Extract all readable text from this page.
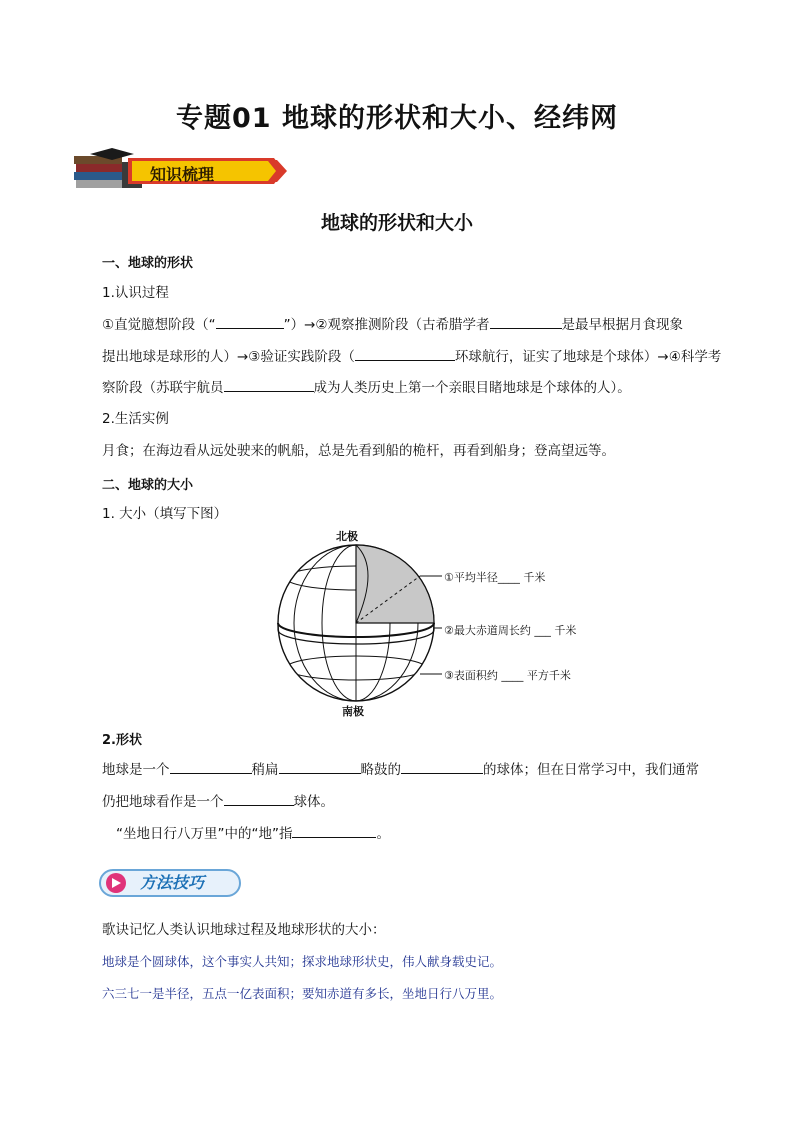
专题01 地球的形状和大小、经纬网
知识梳理
地球的形状和大小
一、地球的形状
1.认识过程
①直觉臆想阶段（“	”）→②观察推测阶段（古希腊学者	是最早根据月食现象
提出地球是球形的人）→③验证实践阶段（	环球航行，证实了地球是个球体）→④科学考
察阶段（苏联宇航员	成为人类历史上第一个亲眼目睹地球是个球体的人）。
2.生活实例
月食；在海边看从远处驶来的帆船，总是先看到船的桅杆，再看到船身；登高望远等。
二、地球的大小
1. 大小（填写下图）
北极
南极
①平均半径____ 千米
②最大赤道周长约 ___ 千米
③表面积约 ____ 平方千米
2.形状
地球是一个	稍扁	略鼓的	的球体；但在日常学习中，我们通常
仍把地球看作是一个	球体。
“坐地日行八万里”中的“地”指	。
方法技巧
歌诀记忆人类认识地球过程及地球形状的大小：
地球是个圆球体，这个事实人共知；探求地球形状史，伟人献身载史记。
六三七一是半径，五点一亿表面积；要知赤道有多长，坐地日行八万里。
